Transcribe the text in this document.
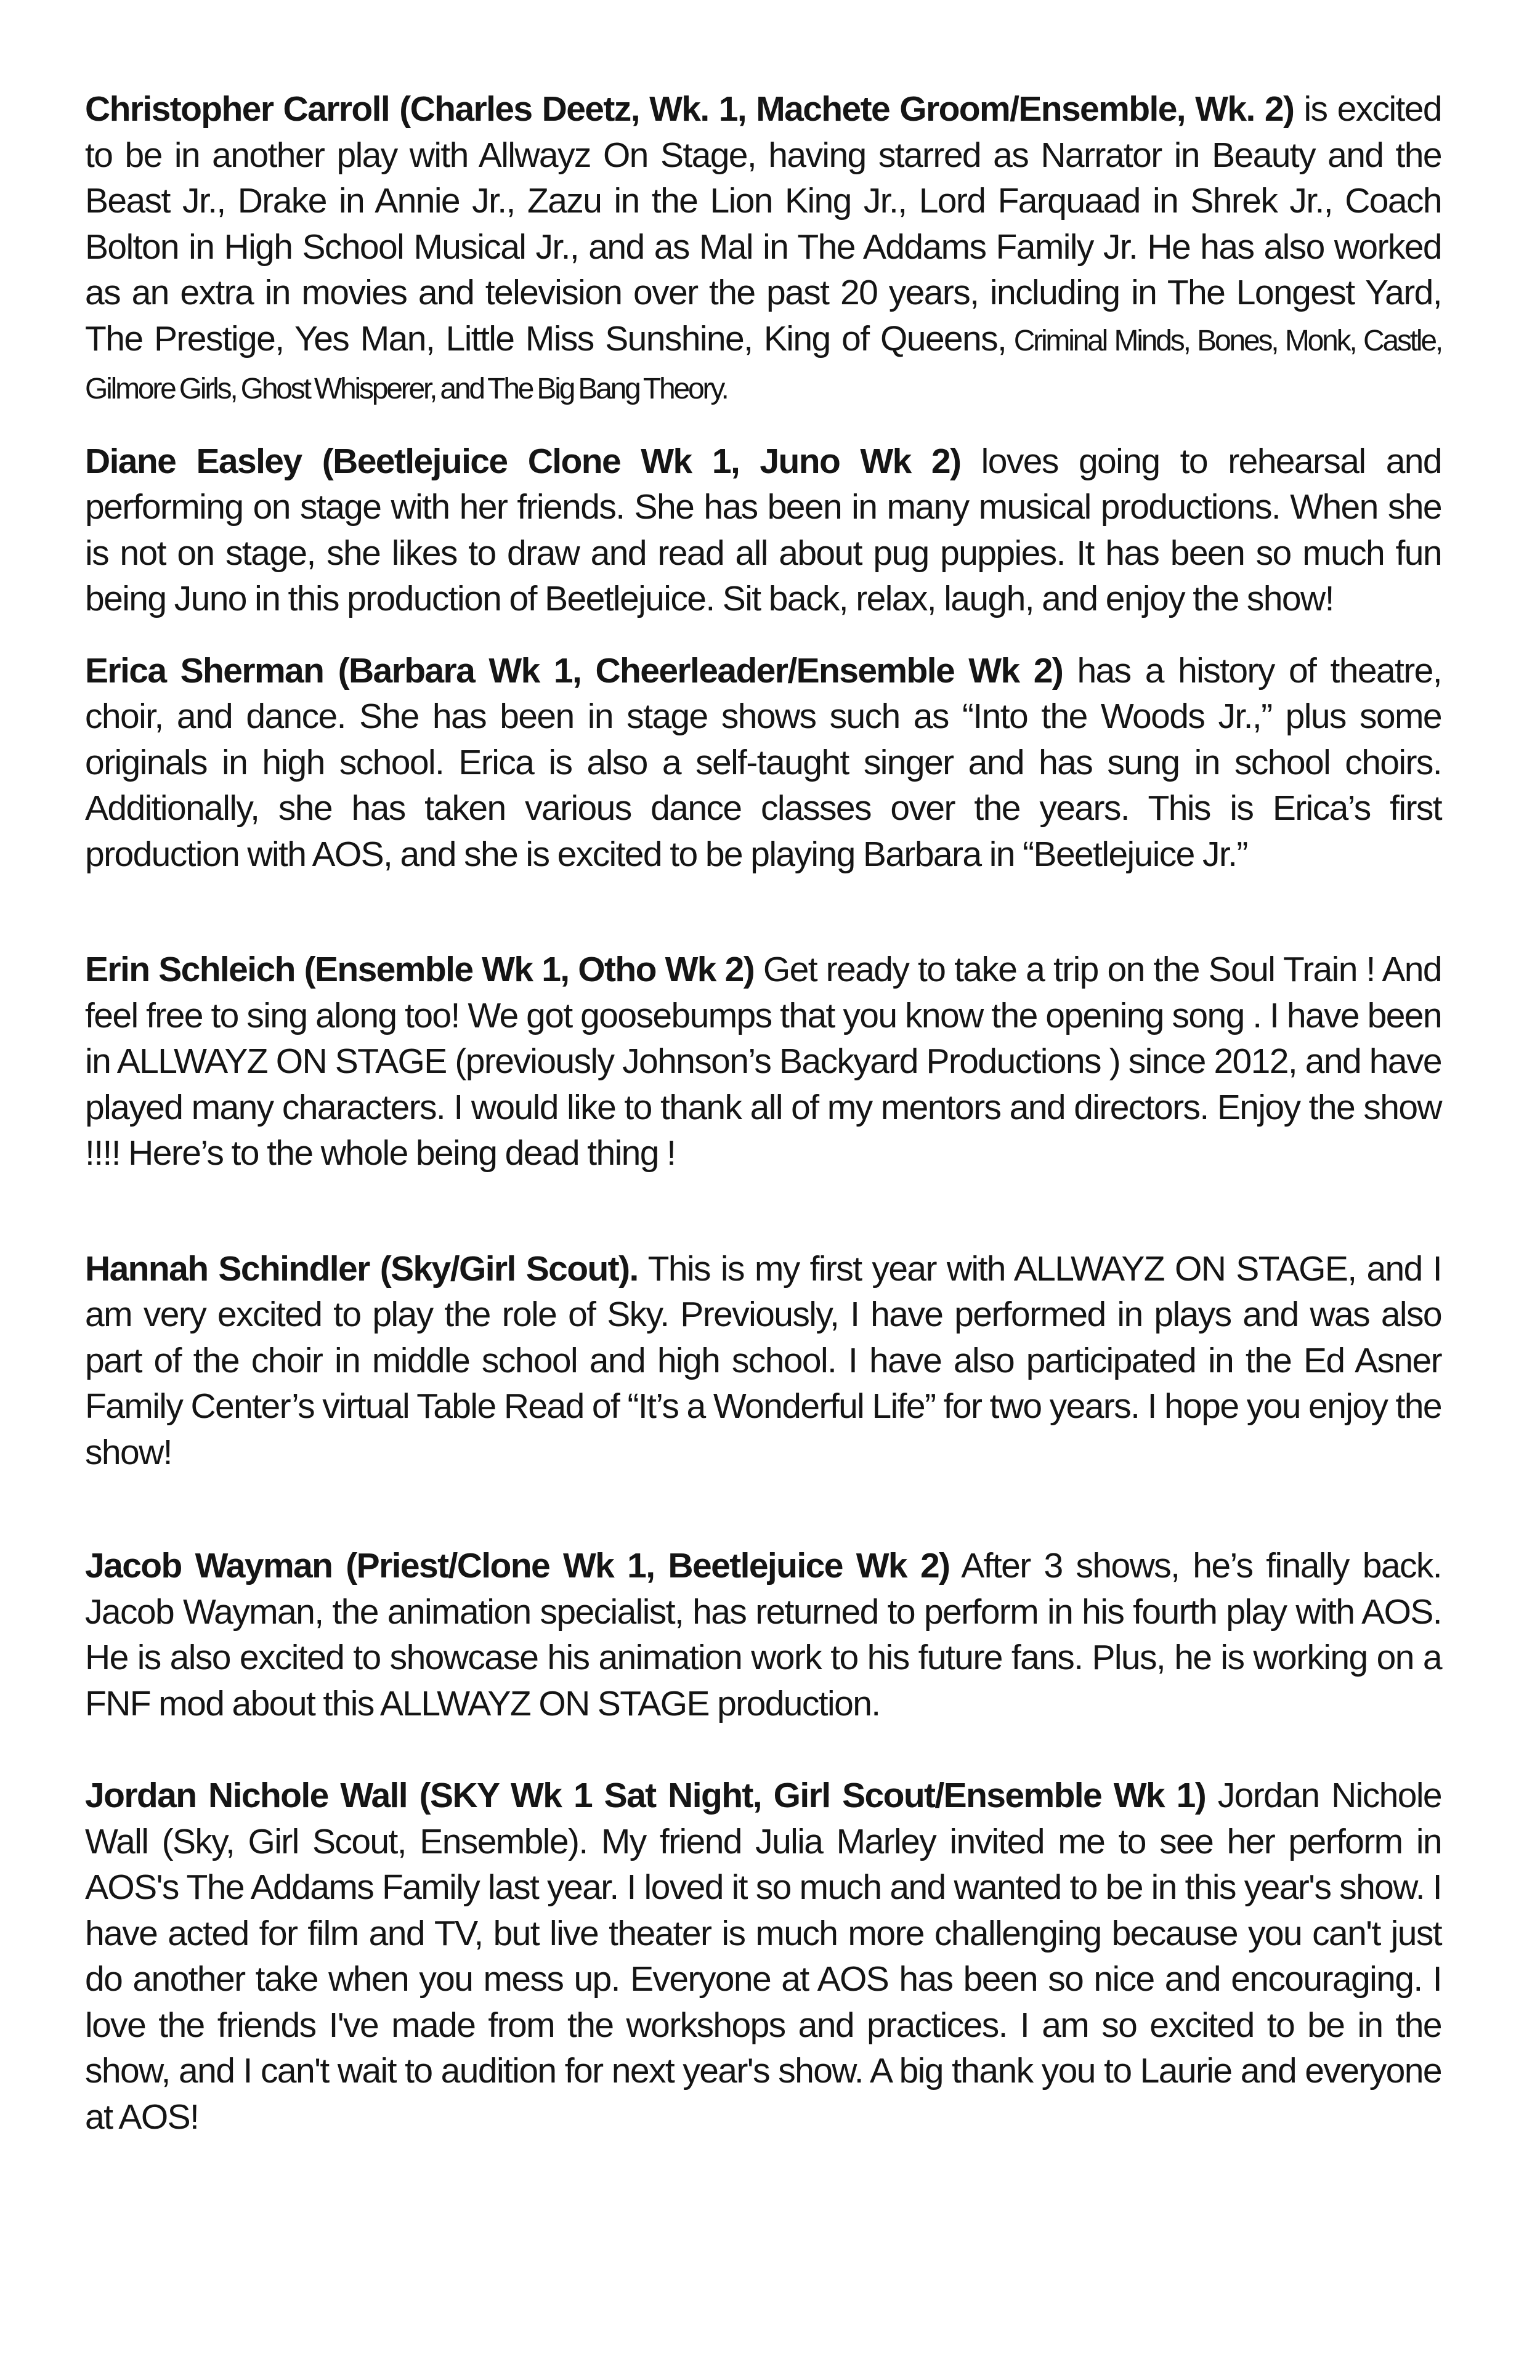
Christopher Carroll (Charles Deetz, Wk. 1, Machete Groom/Ensemble, Wk. 2) is excited to be in another play with Allwayz On Stage, having starred as Narrator in Beauty and the Beast Jr., Drake in Annie Jr., Zazu in the Lion King Jr., Lord Farquaad in Shrek Jr., Coach Bolton in High School Musical Jr., and as Mal in The Addams Family Jr. He has also worked as an extra in movies and television over the past 20 years, including in The Longest Yard, The Prestige, Yes Man, Little Miss Sunshine, King of Queens, Criminal Minds, Bones, Monk, Castle, Gilmore Girls, Ghost Whisperer, and The Big Bang Theory.

Diane Easley (Beetlejuice Clone Wk 1, Juno Wk 2) loves going to rehearsal and performing on stage with her friends. She has been in many musical productions. When she is not on stage, she likes to draw and read all about pug puppies. It has been so much fun being Juno in this production of Beetlejuice. Sit back, relax, laugh, and enjoy the show!

Erica Sherman (Barbara Wk 1, Cheerleader/Ensemble Wk 2) has a history of theatre, choir, and dance. She has been in stage shows such as “Into the Woods Jr.,” plus some originals in high school. Erica is also a self-taught singer and has sung in school choirs. Additionally, she has taken various dance classes over the years. This is Erica’s first production with AOS, and she is excited to be playing Barbara in “Beetlejuice Jr.”

Erin Schleich (Ensemble Wk 1, Otho Wk 2) Get ready to take a trip on the Soul Train ! And feel free to sing along too! We got goosebumps that you know the opening song . I have been in ALLWAYZ ON STAGE (previously Johnson’s Backyard Productions ) since 2012, and have played many characters. I would like to thank all of my mentors and directors. Enjoy the show !!!! Here’s to the whole being dead thing !

Hannah Schindler (Sky/Girl Scout). This is my first year with ALLWAYZ ON STAGE, and I am very excited to play the role of Sky. Previously, I have performed in plays and was also part of the choir in middle school and high school. I have also participated in the Ed Asner Family Center’s virtual Table Read of “It’s a Wonderful Life” for two years. I hope you enjoy the show!

Jacob Wayman (Priest/Clone Wk 1, Beetlejuice Wk 2) After 3 shows, he’s finally back. Jacob Wayman, the animation specialist, has returned to perform in his fourth play with AOS. He is also excited to showcase his animation work to his future fans. Plus, he is working on a FNF mod about this ALLWAYZ ON STAGE production.

Jordan Nichole Wall (SKY Wk 1 Sat Night, Girl Scout/Ensemble Wk 1) Jordan Nichole Wall (Sky, Girl Scout, Ensemble). My friend Julia Marley invited me to see her perform in AOS's The Addams Family last year. I loved it so much and wanted to be in this year's show. I have acted for film and TV, but live theater is much more challenging because you can't just do another take when you mess up. Everyone at AOS has been so nice and encouraging. I love the friends I've made from the workshops and practices. I am so excited to be in the show, and I can't wait to audition for next year's show. A big thank you to Laurie and everyone at AOS!
